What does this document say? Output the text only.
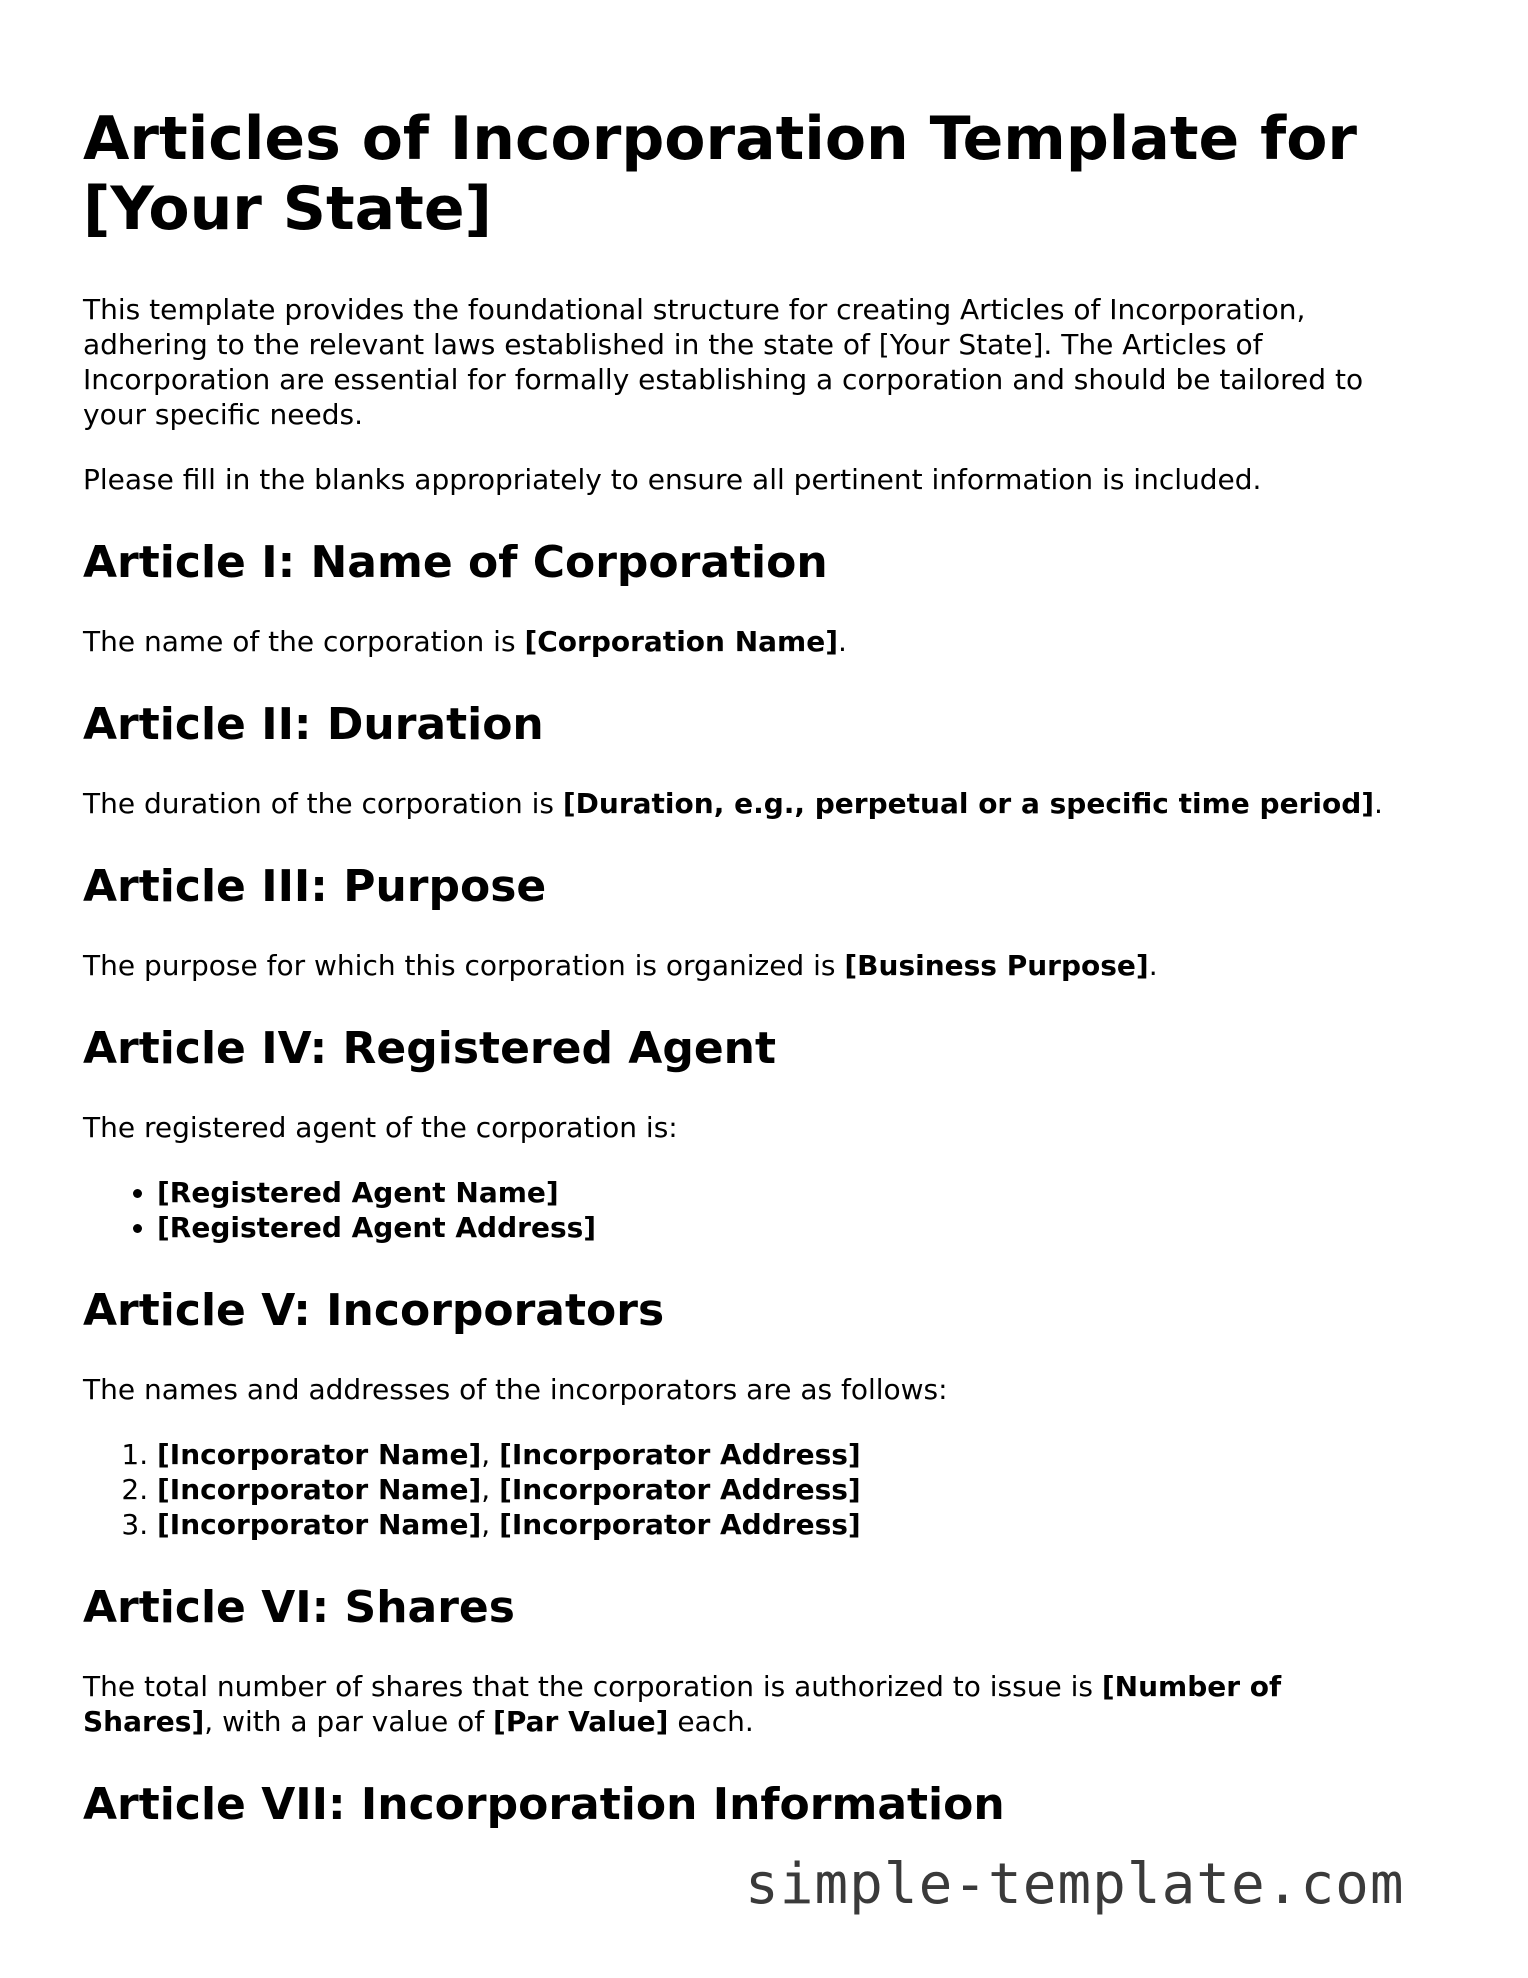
Articles of Incorporation Template for [Your State]

This template provides the foundational structure for creating Articles of Incorporation, adhering to the relevant laws established in the state of [Your State]. The Articles of Incorporation are essential for formally establishing a corporation and should be tailored to your specific needs.

Please fill in the blanks appropriately to ensure all pertinent information is included.

Article I: Name of Corporation

The name of the corporation is [Corporation Name].

Article II: Duration

The duration of the corporation is [Duration, e.g., perpetual or a specific time period].

Article III: Purpose

The purpose for which this corporation is organized is [Business Purpose].

Article IV: Registered Agent

The registered agent of the corporation is:

• [Registered Agent Name]
• [Registered Agent Address]
Article V: Incorporators

The names and addresses of the incorporators are as follows:

1. [Incorporator Name], [Incorporator Address]
2. [Incorporator Name], [Incorporator Address]
3. [Incorporator Name], [Incorporator Address]
Article VI: Shares

The total number of shares that the corporation is authorized to issue is [Number of Shares], with a par value of [Par Value] each.

Article VII: Incorporation Information
simple-template.com
